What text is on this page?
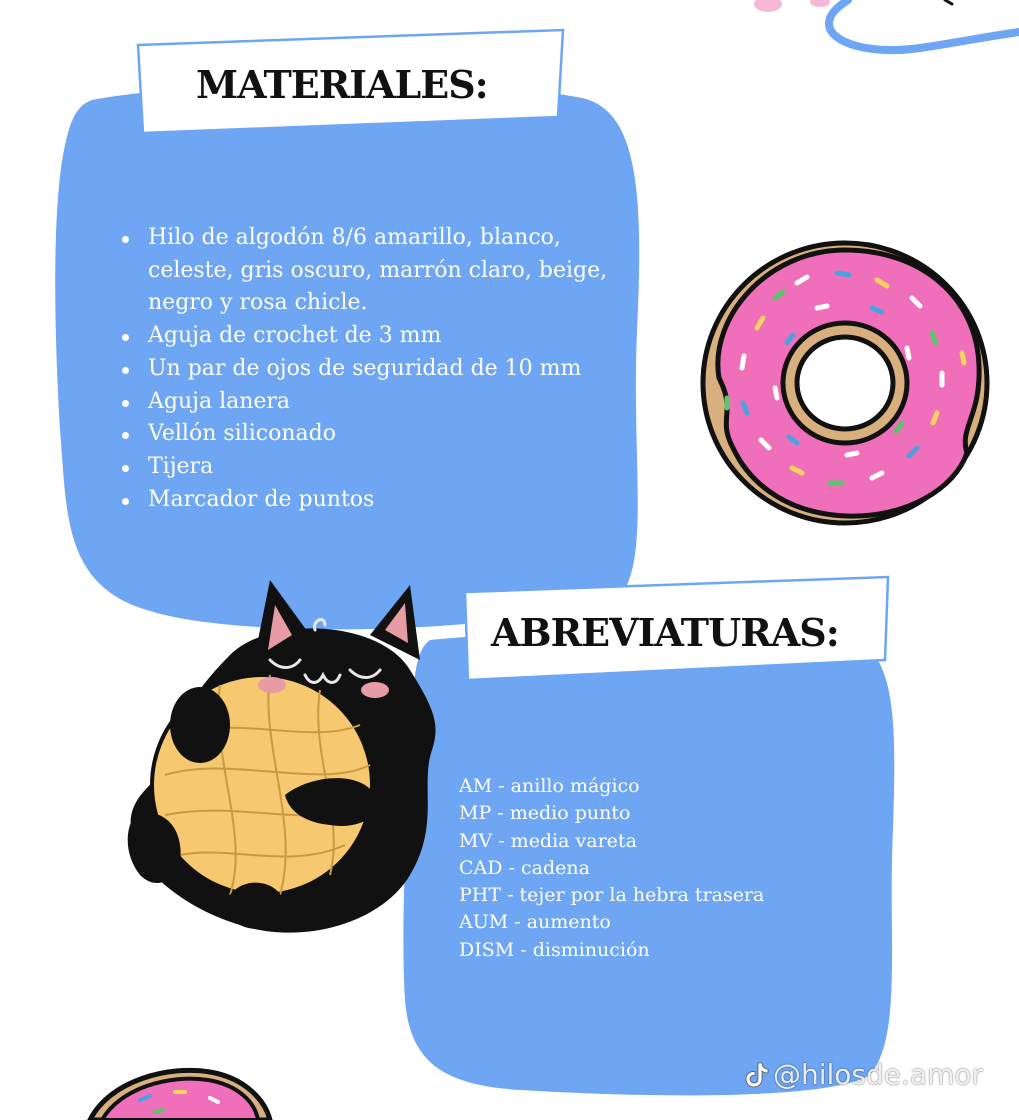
MATERIALES:
Hilo de algodón 8/6 amarillo, blanco, celeste, gris oscuro, marrón claro, beige, negro y rosa chicle.
Aguja de crochet de 3 mm
Un par de ojos de seguridad de 10 mm
Aguja lanera
Vellón siliconado
Tijera
Marcador de puntos
ABREVIATURAS:
AM - anillo mágico
MP - medio punto
MV - media vareta
CAD - cadena
PHT - tejer por la hebra trasera
AUM - aumento
DISM - disminución
@hilosde.amor
